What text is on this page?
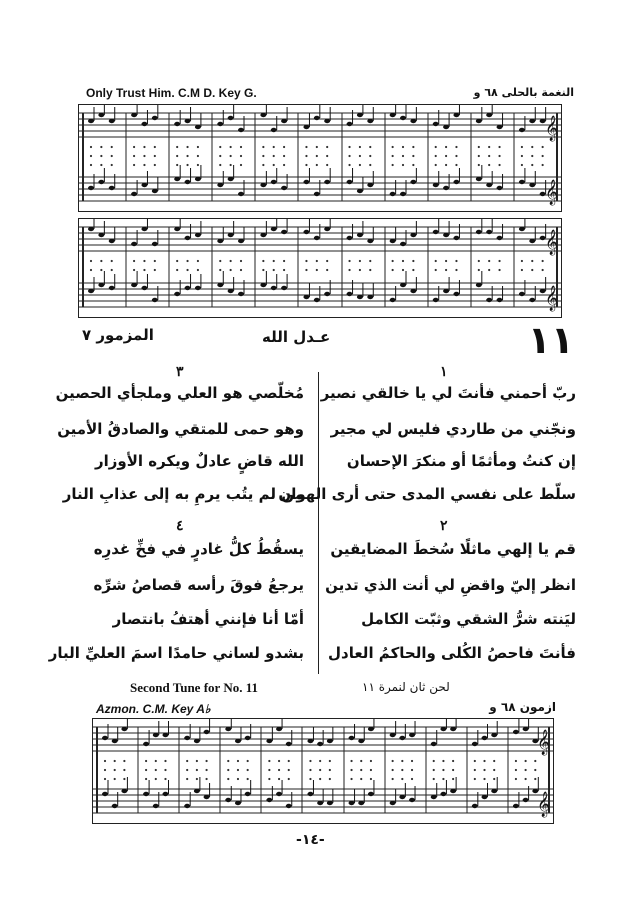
Only Trust Him. C.M D. Key G.	النغمة بالحلى ٦٨ و
𝄞
𝄞
𝄞
𝄞
المزمور ٧	عـدل الله	١١
١
ربّ أحمني فأنتَ لي يا خالقي نصير
ونجّني من طاردي فليس لي مجير
إن كنتُ ومأثمًا أو منكرَ الإحسان
سلّط على نفسي المدى حتى أرى الهوان
٢
قم يا إلهي ماثلًا سُخطَ المضايقين
انظر إليّ واقضِ لي أنت الذي تدين
ليَنته شرُّ الشقي وثبّت الكامل
فأنتَ فاحصُ الكُلى والحاكمُ العادل
٣
مُخلّصي هو العلي وملجأي الحصين
وهو حمى للمتقي والصادقُ الأمين
الله قاضٍ عادلٌ ويكره الأوزار
من لم يتُب يرمِ به إلى عذابِ النار
٤
يسقُطُ كلُّ غادرٍ في فخِّ غدرِه
يرجعُ فوقَ رأسه قصاصُ شرِّه
أمّا أنا فإنني أهتفُ بانتصار
بشدو لساني حامدًا اسمَ العليِّ البار
Second Tune for No. 11	لحن ثان لنمرة ١١
Azmon. C.M. Key A♭	ازمون ٦٨ و
𝄞
𝄞
-١٤-
